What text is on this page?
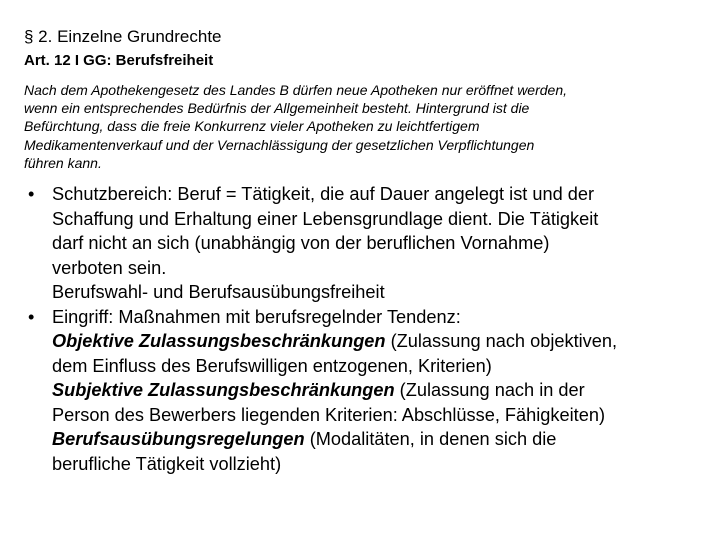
§ 2. Einzelne Grundrechte
Art. 12 I GG: Berufsfreiheit
Nach dem Apothekengesetz des Landes B dürfen neue Apotheken nur eröffnet werden,
wenn ein entsprechendes Bedürfnis der Allgemeinheit besteht. Hintergrund ist die
Befürchtung, dass die freie Konkurrenz vieler Apotheken zu leichtfertigem
Medikamentenverkauf und der Vernachlässigung der gesetzlichen Verpflichtungen
führen kann.
• Schutzbereich: Beruf = Tätigkeit, die auf Dauer angelegt ist und der
Schaffung und Erhaltung einer Lebensgrundlage dient. Die Tätigkeit
darf nicht an sich (unabhängig von der beruflichen Vornahme)
verboten sein.
Berufswahl- und Berufsausübungsfreiheit
• Eingriff: Maßnahmen mit berufsregelnder Tendenz:
Objektive Zulassungsbeschränkungen (Zulassung nach objektiven,
dem Einfluss des Berufswilligen entzogenen, Kriterien)
Subjektive Zulassungsbeschränkungen (Zulassung nach in der
Person des Bewerbers liegenden Kriterien: Abschlüsse, Fähigkeiten)
Berufsausübungsregelungen (Modalitäten, in denen sich die
berufliche Tätigkeit vollzieht)
